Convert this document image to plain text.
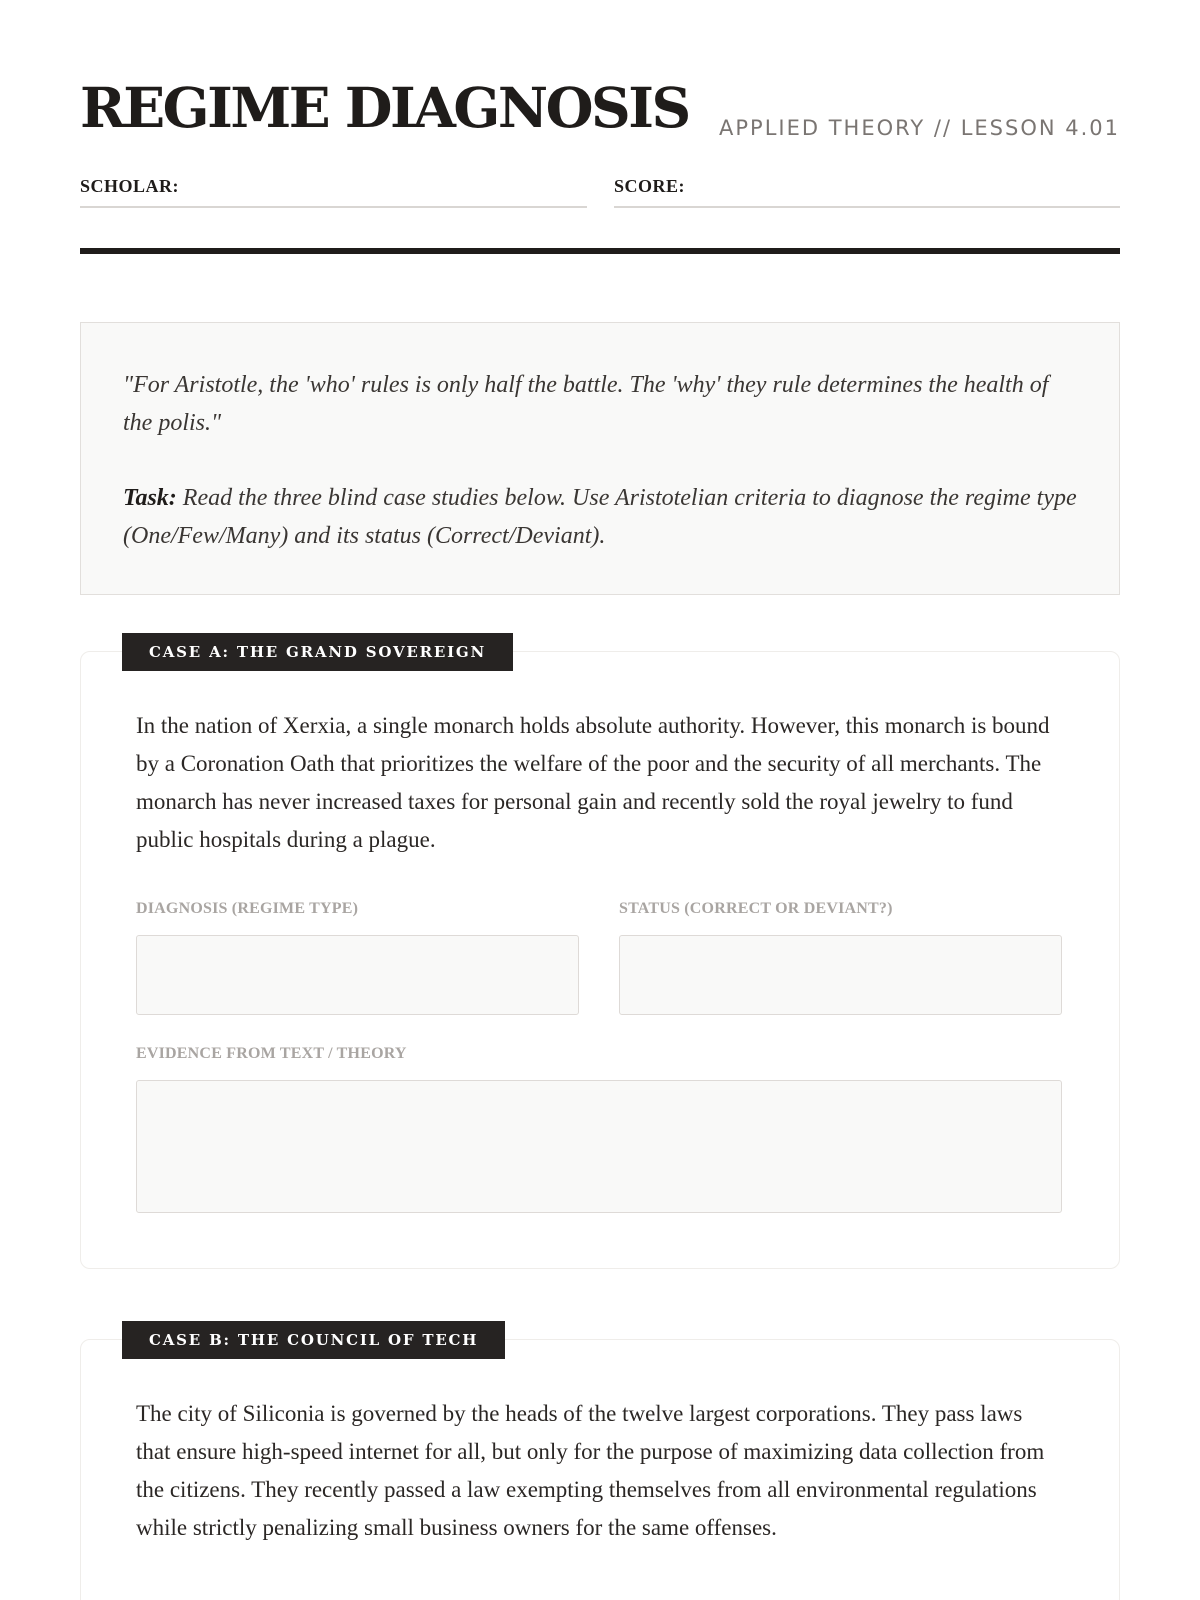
REGIME DIAGNOSIS APPLIED THEORY // LESSON 4.01
SCHOLAR:	SCORE:

"For Aristotle, the 'who' rules is only half the battle. The 'why' they rule determines the health of the polis."

Task: Read the three blind case studies below. Use Aristotelian criteria to diagnose the regime type (One/Few/Many) and its status (Correct/Deviant).

CASE A: THE GRAND SOVEREIGN

In the nation of Xerxia, a single monarch holds absolute authority. However, this monarch is bound by a Coronation Oath that prioritizes the welfare of the poor and the security of all merchants. The monarch has never increased taxes for personal gain and recently sold the royal jewelry to fund public hospitals during a plague.

DIAGNOSIS (REGIME TYPE)	STATUS (CORRECT OR DEVIANT?)
EVIDENCE FROM TEXT / THEORY
CASE B: THE COUNCIL OF TECH

The city of Siliconia is governed by the heads of the twelve largest corporations. They pass laws that ensure high-speed internet for all, but only for the purpose of maximizing data collection from the citizens. They recently passed a law exempting themselves from all environmental regulations while strictly penalizing small business owners for the same offenses.
